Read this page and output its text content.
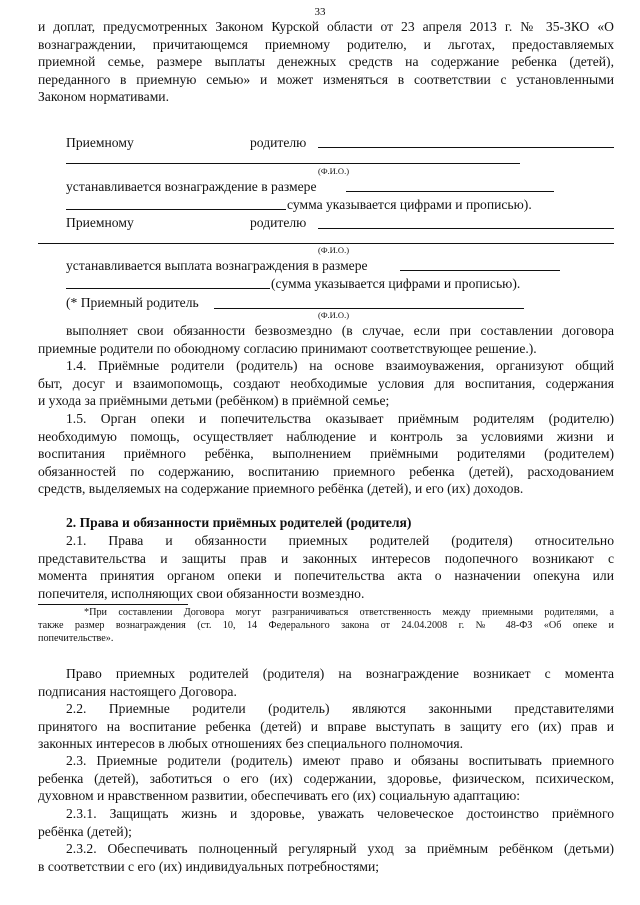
33
и доплат, предусмотренных Законом Курской области от 23 апреля 2013 г. № 35-ЗКО «О
вознаграждении, причитающемся приемному родителю, и льготах, предоставляемых
приемной семье, размере выплаты денежных средств на содержание ребенка (детей),
переданного в приемную семью» и может изменяться в соответствии с установленными
Законом нормативами.
Приемному	родителю
(Ф.И.О.)
устанавливается вознаграждение в размере
сумма указывается цифрами и прописью).
Приемному	родителю
(Ф.И.О.)
устанавливается выплата вознаграждения в размере
(сумма указывается цифрами и прописью).
(* Приемный родитель
(Ф.И.О.)
выполняет свои обязанности безвозмездно (в случае, если при составлении договора
приемные родители по обоюдному согласию принимают соответствующее решение.).
1.4. Приёмные родители (родитель) на основе взаимоуважения, организуют общий
быт, досуг и взаимопомощь, создают необходимые условия для воспитания, содержания
и ухода за приёмными детьми (ребёнком) в приёмной семье;
1.5. Орган опеки и попечительства оказывает приёмным родителям (родителю)
необходимую помощь, осуществляет наблюдение и контроль за условиями жизни и
воспитания приёмного ребёнка, выполнением приёмными родителями (родителем)
обязанностей по содержанию, воспитанию приемного ребенка (детей), расходованием
средств, выделяемых на содержание приемного ребёнка (детей), и его (их) доходов.
2. Права и обязанности приёмных родителей (родителя)
2.1. Права и обязанности приемных родителей (родителя) относительно
представительства и защиты прав и законных интересов подопечного возникают с
момента принятия органом опеки и попечительства акта о назначении опекуна или
попечителя, исполняющих свои обязанности возмездно.
*При составлении Договора могут разграничиваться ответственность между приемными родителями, а
также размер вознаграждения (ст. 10, 14 Федерального закона от 24.04.2008 г. № 48-ФЗ «Об опеке и
попечительстве».
Право приемных родителей (родителя) на вознаграждение возникает с момента
подписания настоящего Договора.
2.2. Приемные родители (родитель) являются законными представителями
принятого на воспитание ребенка (детей) и вправе выступать в защиту его (их) прав и
законных интересов в любых отношениях без специального полномочия.
2.3. Приемные родители (родитель) имеют право и обязаны воспитывать приемного
ребенка (детей), заботиться о его (их) содержании, здоровье, физическом, психическом,
духовном и нравственном развитии, обеспечивать его (их) социальную адаптацию:
2.3.1. Защищать жизнь и здоровье, уважать человеческое достоинство приёмного
ребёнка (детей);
2.3.2. Обеспечивать полноценный регулярный уход за приёмным ребёнком (детьми)
в соответствии с его (их) индивидуальных потребностями;
